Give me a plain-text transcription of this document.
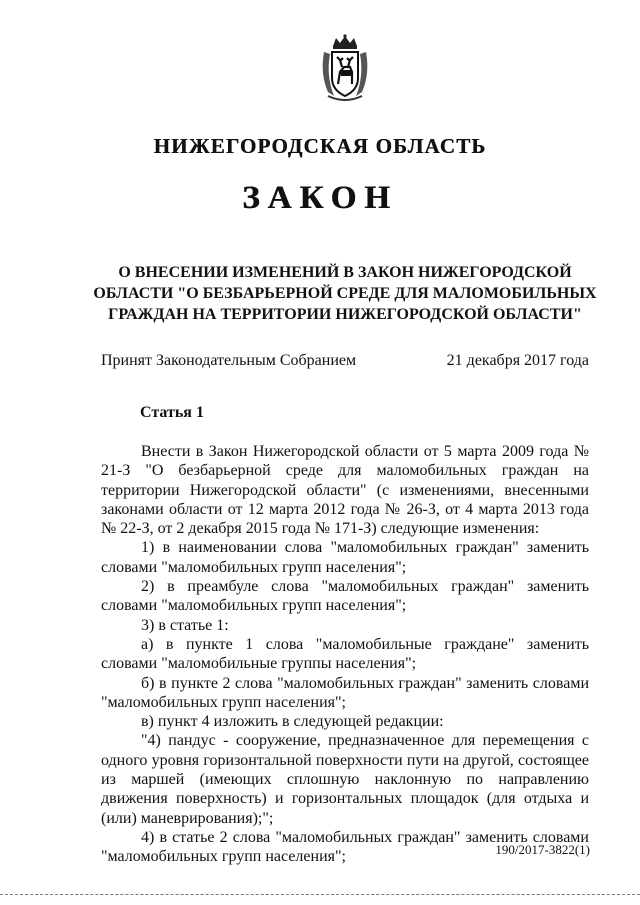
НИЖЕГОРОДСКАЯ ОБЛАСТЬ
ЗАКОН
О ВНЕСЕНИИ ИЗМЕНЕНИЙ В ЗАКОН НИЖЕГОРОДСКОЙ ОБЛАСТИ "О БЕЗБАРЬЕРНОЙ СРЕДЕ ДЛЯ МАЛОМОБИЛЬНЫХ ГРАЖДАН НА ТЕРРИТОРИИ НИЖЕГОРОДСКОЙ ОБЛАСТИ"
Принят Законодательным Собранием	21 декабря 2017 года
Статья 1

Внести в Закон Нижегородской области от 5 марта 2009 года № 21-З "О безбарьерной среде для маломобильных граждан на территории Нижегородской области" (с изменениями, внесенными законами области от 12 марта 2012 года № 26-З, от 4 марта 2013 года № 22-З, от 2 декабря 2015 года № 171-З) следующие изменения:

1) в наименовании слова "маломобильных граждан" заменить словами "маломобильных групп населения";

2) в преамбуле слова "маломобильных граждан" заменить словами "маломобильных групп населения";

3) в статье 1:

а) в пункте 1 слова "маломобильные граждане" заменить словами "маломобильные группы населения";

б) в пункте 2 слова "маломобильных граждан" заменить словами "маломобильных групп населения";

в) пункт 4 изложить в следующей редакции:

"4) пандус - сооружение, предназначенное для перемещения с одного уровня горизонтальной поверхности пути на другой, состоящее из маршей (имеющих сплошную наклонную по направлению движения поверхность) и горизонтальных площадок (для отдыха и (или) маневрирования);";

4) в статье 2 слова "маломобильных граждан" заменить словами "маломобильных групп населения";	190/2017-3822(1)
